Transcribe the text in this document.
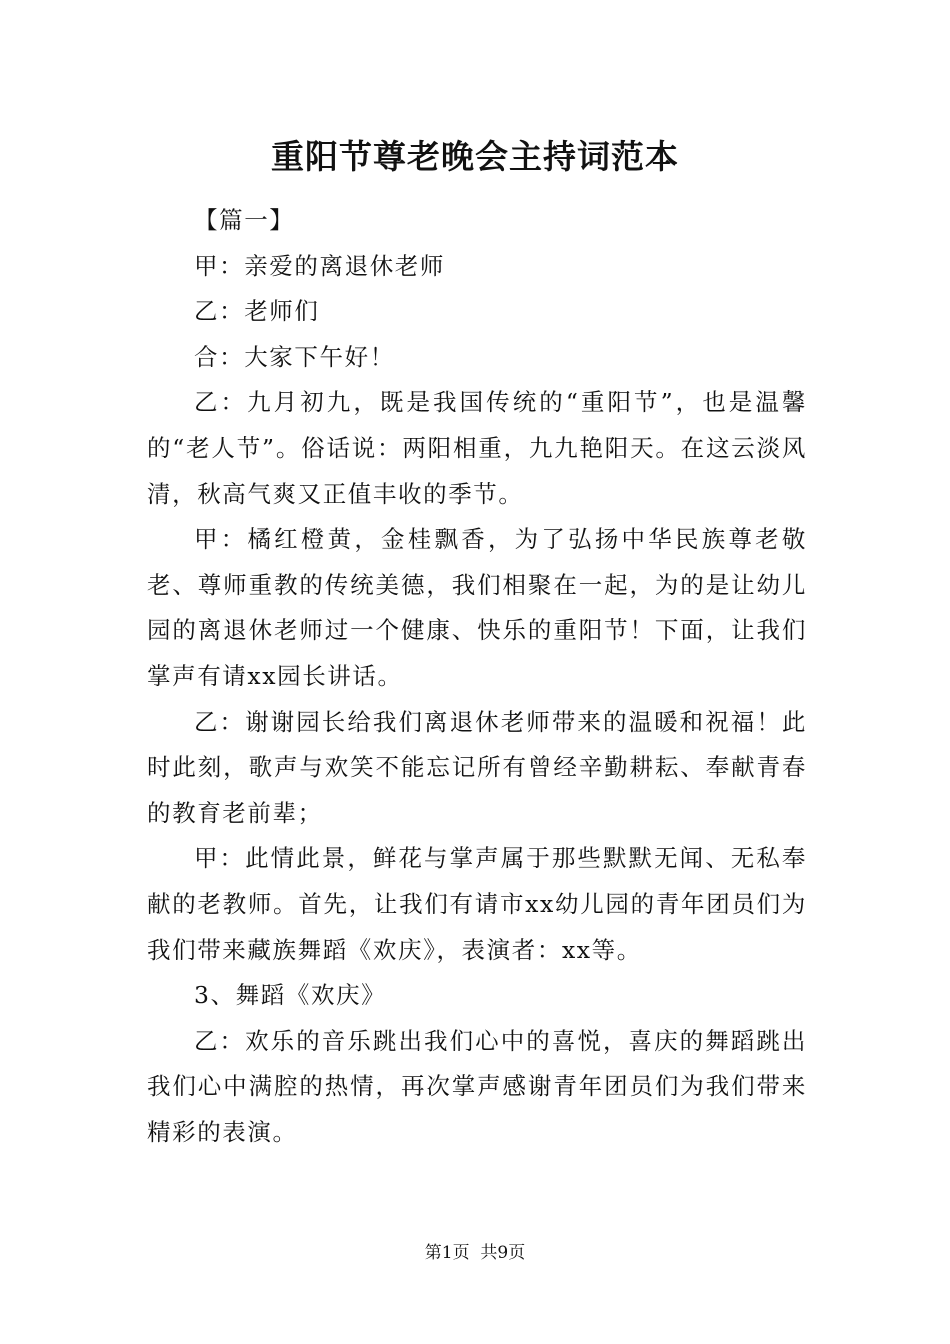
重阳节尊老晚会主持词范本

【篇一】

甲：亲爱的离退休老师

乙：老师们

合：大家下午好！

乙：九月初九，既是我国传统的“重阳节”，也是温馨的“老人节”。俗话说：两阳相重，九九艳阳天。在这云淡风清，秋高气爽又正值丰收的季节。

甲：橘红橙黄，金桂飘香，为了弘扬中华民族尊老敬老、尊师重教的传统美德，我们相聚在一起，为的是让幼儿园的离退休老师过一个健康、快乐的重阳节！下面，让我们掌声有请xx园长讲话。

乙：谢谢园长给我们离退休老师带来的温暖和祝福！此时此刻，歌声与欢笑不能忘记所有曾经辛勤耕耘、奉献青春的教育老前辈；

甲：此情此景，鲜花与掌声属于那些默默无闻、无私奉献的老教师。首先，让我们有请市xx幼儿园的青年团员们为我们带来藏族舞蹈《欢庆》，表演者：xx等。

3、舞蹈《欢庆》

乙：欢乐的音乐跳出我们心中的喜悦，喜庆的舞蹈跳出我们心中满腔的热情，再次掌声感谢青年团员们为我们带来精彩的表演。

第1页  共9页
